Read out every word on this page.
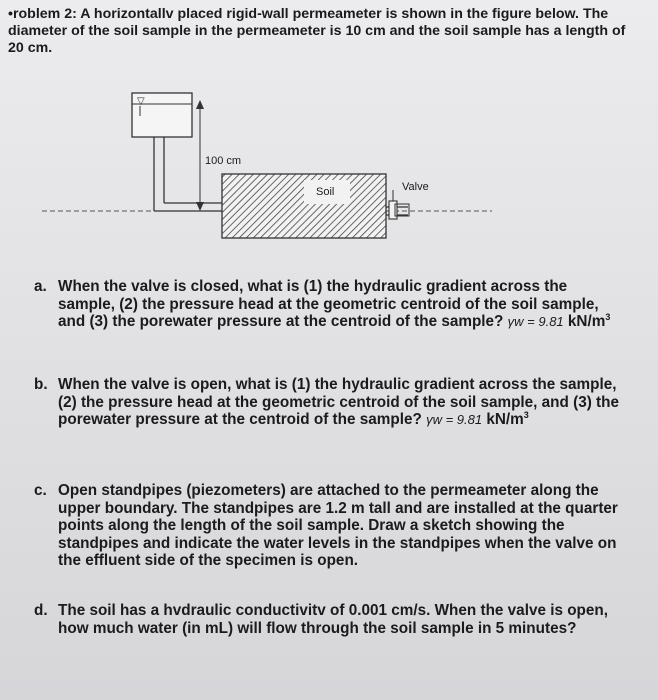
•roblem 2: A horizontallv placed rigid-wall permeameter is shown in the figure below. The diameter of the soil sample in the permeameter is 10 cm and the soil sample has a length of 20 cm.
▽
100 cm
Soil	Valve
a. When the valve is closed, what is (1) the hydraulic gradient across the sample, (2) the pressure head at the geometric centroid of the soil sample, and (3) the porewater pressure at the centroid of the sample? γw = 9.81 $kN/m^3$
b. When the valve is open, what is (1) the hydraulic gradient across the sample, (2) the pressure head at the geometric centroid of the soil sample, and (3) the porewater pressure at the centroid of the sample? γw = 9.81 $kN/m^3$
c. Open standpipes (piezometers) are attached to the permeameter along the upper boundary. The standpipes are 1.2 m tall and are installed at the quarter points along the length of the soil sample. Draw a sketch showing the standpipes and indicate the water levels in the standpipes when the valve on the effluent side of the specimen is open.
d. The soil has a hvdraulic conductivitv of 0.001 cm/s. When the valve is open, how much water (in mL) will flow through the soil sample in 5 minutes?
